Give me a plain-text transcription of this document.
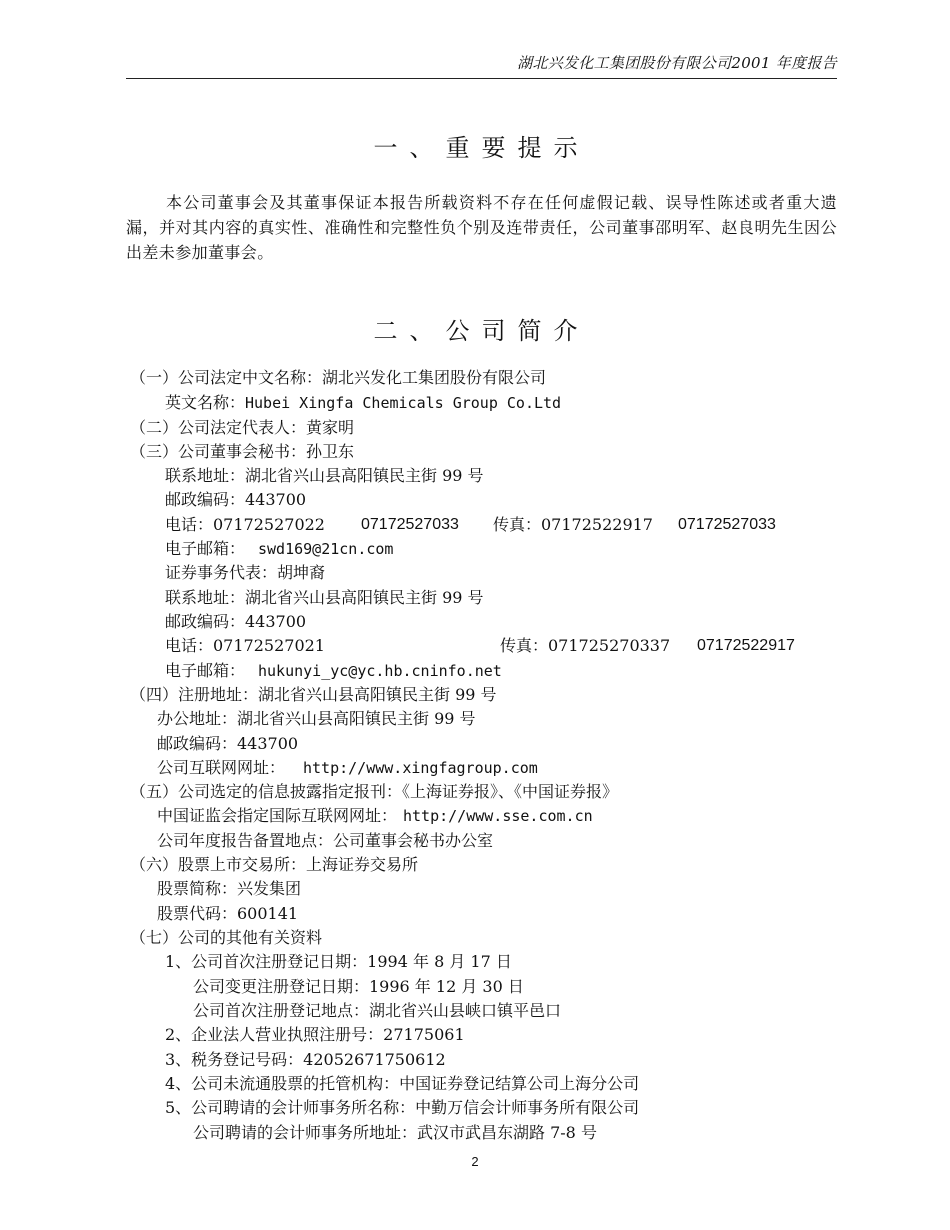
湖北兴发化工集团股份有限公司2001 年度报告
一、重要提示
本公司董事会及其董事保证本报告所载资料不存在任何虚假记载、误导性陈述或者重大遗漏，并对其内容的真实性、准确性和完整性负个别及连带责任，公司董事邵明军、赵良明先生因公出差未参加董事会。
二、公司简介
（一）公司法定中文名称：湖北兴发化工集团股份有限公司
英文名称： Hubei Xingfa Chemicals Group Co.Ltd
（二）公司法定代表人：黄家明
（三）公司董事会秘书：孙卫东
联系地址：湖北省兴山县高阳镇民主街 99 号
邮政编码：443700
电话：07172527022 07172527033 传真：07172522917 07172527033
电子邮箱： swd169@21cn.com
证券事务代表：胡坤裔
联系地址：湖北省兴山县高阳镇民主街 99 号
邮政编码：443700
电话：07172527021	传真：071725270337 07172522917
电子邮箱： hukunyi_yc@yc.hb.cninfo.net
（四）注册地址：湖北省兴山县高阳镇民主街 99 号
办公地址：湖北省兴山县高阳镇民主街 99 号
邮政编码：443700
公司互联网网址： http://www.xingfagroup.com
（五）公司选定的信息披露指定报刊：《上海证券报》、《中国证券报》
中国证监会指定国际互联网网址： http://www.sse.com.cn
公司年度报告备置地点：公司董事会秘书办公室
（六）股票上市交易所：上海证券交易所
股票简称：兴发集团
股票代码：600141
（七）公司的其他有关资料
1、公司首次注册登记日期：1994 年 8 月 17 日
公司变更注册登记日期：1996 年 12 月 30 日
公司首次注册登记地点：湖北省兴山县峡口镇平邑口
2、企业法人营业执照注册号：27175061
3、税务登记号码：42052671750612
4、公司未流通股票的托管机构：中国证券登记结算公司上海分公司
5、公司聘请的会计师事务所名称：中勤万信会计师事务所有限公司
公司聘请的会计师事务所地址：武汉市武昌东湖路 7-8 号
2
